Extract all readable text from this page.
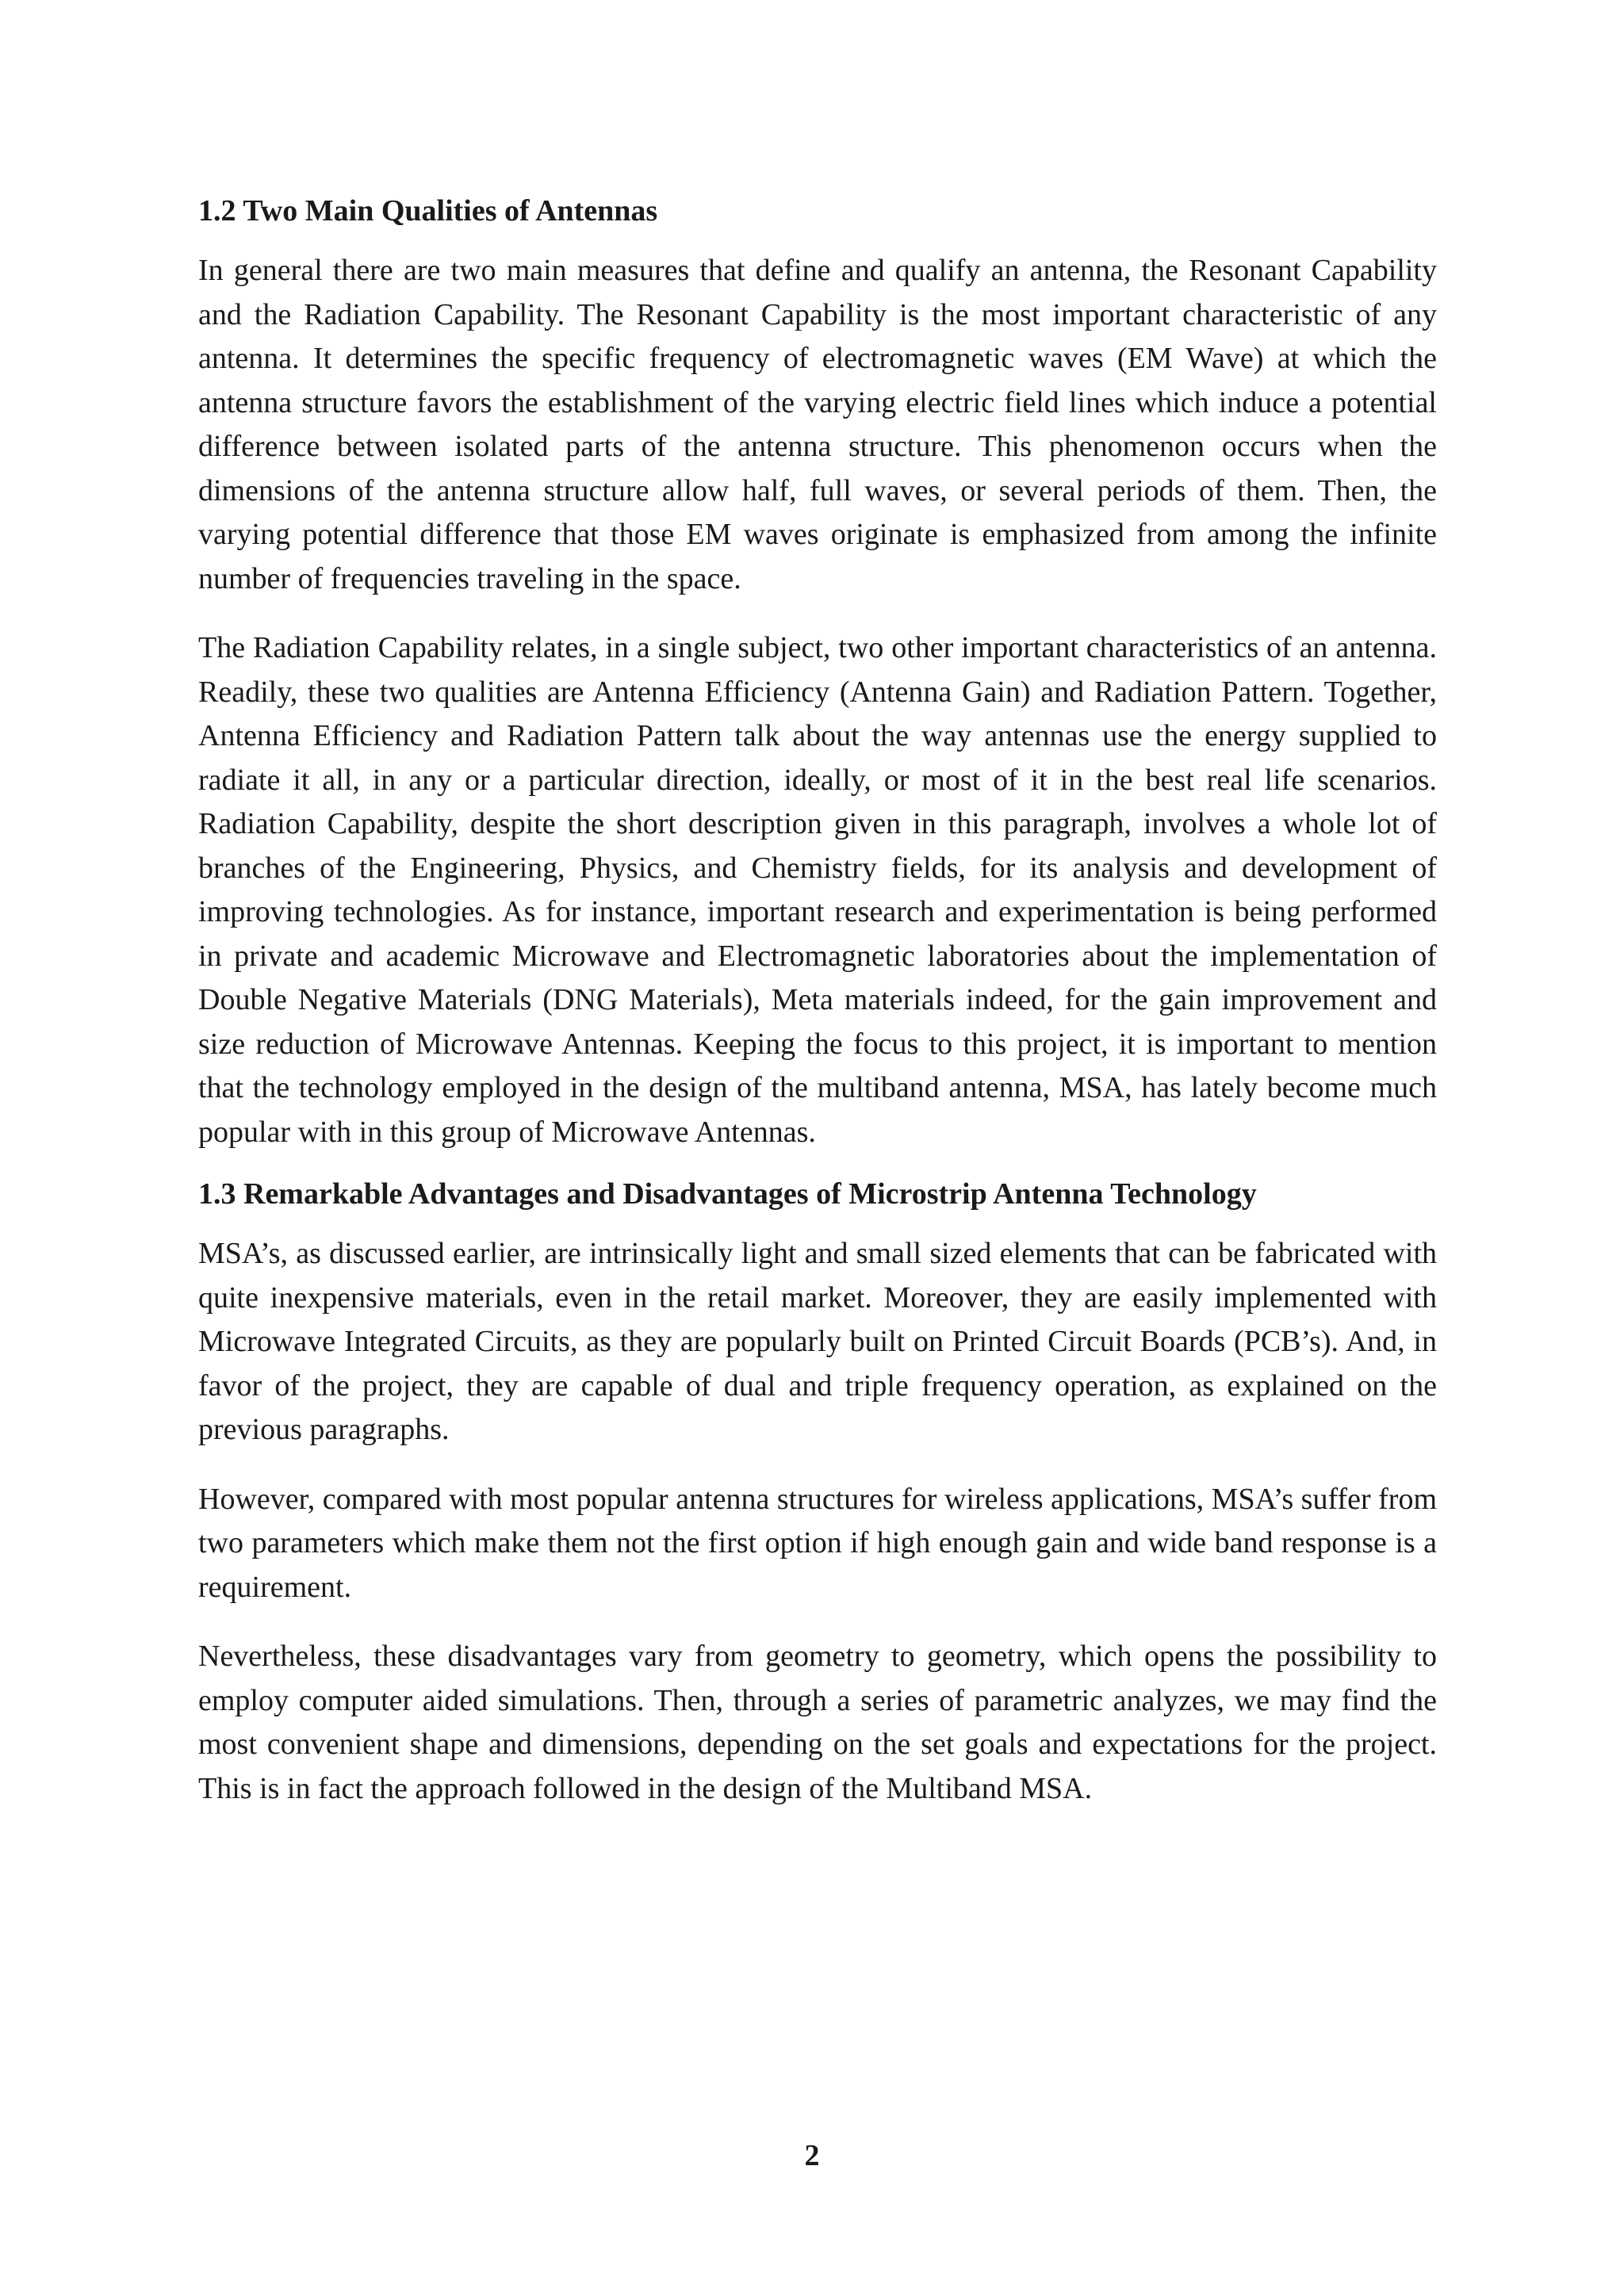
1.2 Two Main Qualities of Antennas

In general there are two main measures that define and qualify an antenna, the Resonant Capability and the Radiation Capability. The Resonant Capability is the most important characteristic of any antenna. It determines the specific frequency of electromagnetic waves (EM Wave) at which the antenna structure favors the establishment of the varying electric field lines which induce a potential difference between isolated parts of the antenna structure. This phenomenon occurs when the dimensions of the antenna structure allow half, full waves, or several periods of them. Then, the varying potential difference that those EM waves originate is emphasized from among the infinite number of frequencies traveling in the space.

The Radiation Capability relates, in a single subject, two other important characteristics of an antenna. Readily, these two qualities are Antenna Efficiency (Antenna Gain) and Radiation Pattern. Together, Antenna Efficiency and Radiation Pattern talk about the way antennas use the energy supplied to radiate it all, in any or a particular direction, ideally, or most of it in the best real life scenarios. Radiation Capability, despite the short description given in this paragraph, involves a whole lot of branches of the Engineering, Physics, and Chemistry fields, for its analysis and development of improving technologies. As for instance, important research and experimentation is being performed in private and academic Microwave and Electromagnetic laboratories about the implementation of Double Negative Materials (DNG Materials), Meta materials indeed, for the gain improvement and size reduction of Microwave Antennas. Keeping the focus to this project, it is important to mention that the technology employed in the design of the multiband antenna, MSA, has lately become much popular with in this group of Microwave Antennas.

1.3 Remarkable Advantages and Disadvantages of Microstrip Antenna Technology

MSA’s, as discussed earlier, are intrinsically light and small sized elements that can be fabricated with quite inexpensive materials, even in the retail market. Moreover, they are easily implemented with Microwave Integrated Circuits, as they are popularly built on Printed Circuit Boards (PCB’s). And, in favor of the project, they are capable of dual and triple frequency operation, as explained on the previous paragraphs.

However, compared with most popular antenna structures for wireless applications, MSA’s suffer from two parameters which make them not the first option if high enough gain and wide band response is a requirement.

Nevertheless, these disadvantages vary from geometry to geometry, which opens the possibility to employ computer aided simulations. Then, through a series of parametric analyzes, we may find the most convenient shape and dimensions, depending on the set goals and expectations for the project. This is in fact the approach followed in the design of the Multiband MSA.

2
